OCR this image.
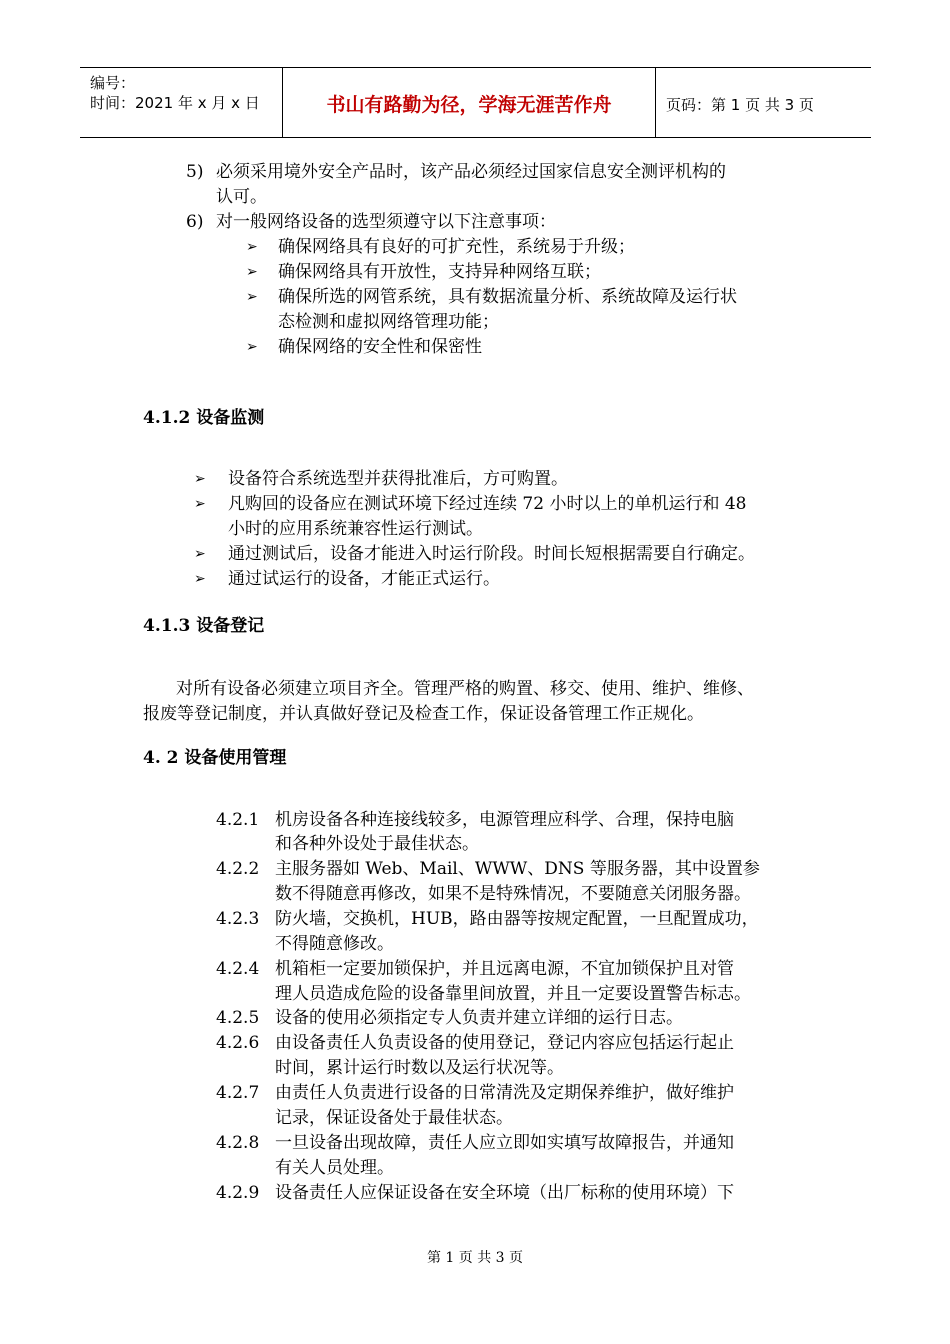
编号：
时间：2021 年 x 月 x 日	书山有路勤为径，学海无涯苦作舟	页码：第 1 页 共 3 页
5) 必须采用境外安全产品时，该产品必须经过国家信息安全测评机构的
认可。
6) 对一般网络设备的选型须遵守以下注意事项：
➢ 确保网络具有良好的可扩充性，系统易于升级；
➢ 确保网络具有开放性，支持异种网络互联；
➢ 确保所选的网管系统，具有数据流量分析、系统故障及运行状
态检测和虚拟网络管理功能；
➢ 确保网络的安全性和保密性
4.1.2 设备监测
➢ 设备符合系统选型并获得批准后，方可购置。
➢ 凡购回的设备应在测试环境下经过连续 72 小时以上的单机运行和 48
小时的应用系统兼容性运行测试。
➢ 通过测试后，设备才能进入时运行阶段。时间长短根据需要自行确定。
➢ 通过试运行的设备，才能正式运行。
4.1.3 设备登记
对所有设备必须建立项目齐全。管理严格的购置、移交、使用、维护、维修、
报废等登记制度，并认真做好登记及检查工作，保证设备管理工作正规化。
4. 2 设备使用管理
4.2.1 机房设备各种连接线较多，电源管理应科学、合理，保持电脑
和各种外设处于最佳状态。
4.2.2 主服务器如 Web、Mail、WWW、DNS 等服务器，其中设置参
数不得随意再修改，如果不是特殊情况，不要随意关闭服务器。
4.2.3 防火墙，交换机，HUB，路由器等按规定配置，一旦配置成功，
不得随意修改。
4.2.4 机箱柜一定要加锁保护，并且远离电源，不宜加锁保护且对管
理人员造成危险的设备靠里间放置，并且一定要设置警告标志。
4.2.5 设备的使用必须指定专人负责并建立详细的运行日志。
4.2.6 由设备责任人负责设备的使用登记，登记内容应包括运行起止
时间，累计运行时数以及运行状况等。
4.2.7 由责任人负责进行设备的日常清洗及定期保养维护，做好维护
记录，保证设备处于最佳状态。
4.2.8 一旦设备出现故障，责任人应立即如实填写故障报告，并通知
有关人员处理。
4.2.9 设备责任人应保证设备在安全环境（出厂标称的使用环境）下
第 1 页 共 3 页
